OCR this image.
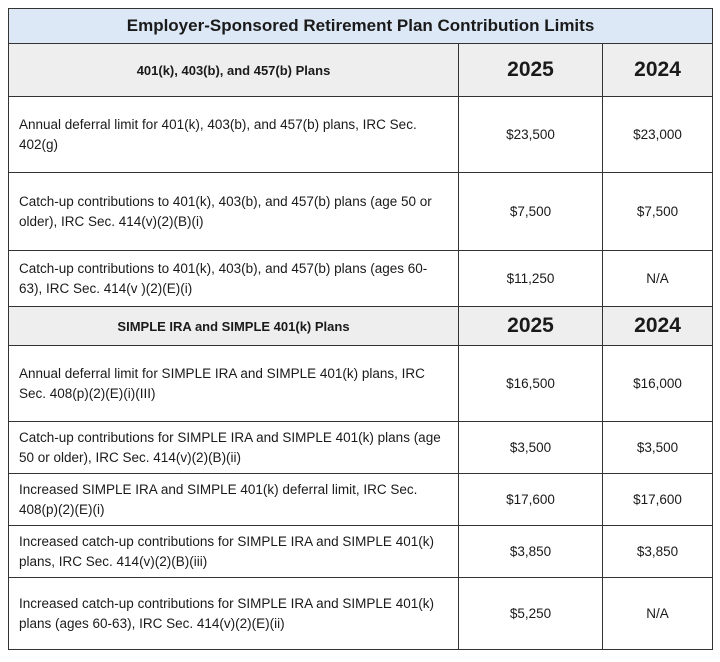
Employer-Sponsored Retirement Plan Contribution Limits		
401(k), 403(b), and 457(b) Plans	2025	2024
Annual deferral limit for 401(k), 403(b), and 457(b) plans, IRC Sec. 402(g)	$23,500	$23,000
Catch-up contributions to 401(k), 403(b), and 457(b) plans (age 50 or older), IRC Sec. 414(v)(2)(B)(i)	$7,500	$7,500
Catch-up contributions to 401(k), 403(b), and 457(b) plans (ages 60-63), IRC Sec. 414(v )(2)(E)(i)	$11,250	N/A
SIMPLE IRA and SIMPLE 401(k) Plans	2025	2024
Annual deferral limit for SIMPLE IRA and SIMPLE 401(k) plans, IRC Sec. 408(p)(2)(E)(i)(III)	$16,500	$16,000
Catch-up contributions for SIMPLE IRA and SIMPLE 401(k) plans (age 50 or older), IRC Sec. 414(v)(2)(B)(ii)	$3,500	$3,500
Increased SIMPLE IRA and SIMPLE 401(k) deferral limit, IRC Sec. 408(p)(2)(E)(i)	$17,600	$17,600
Increased catch-up contributions for SIMPLE IRA and SIMPLE 401(k) plans, IRC Sec. 414(v)(2)(B)(iii)	$3,850	$3,850
Increased catch-up contributions for SIMPLE IRA and SIMPLE 401(k) plans (ages 60-63), IRC Sec. 414(v)(2)(E)(ii)	$5,250	N/A
